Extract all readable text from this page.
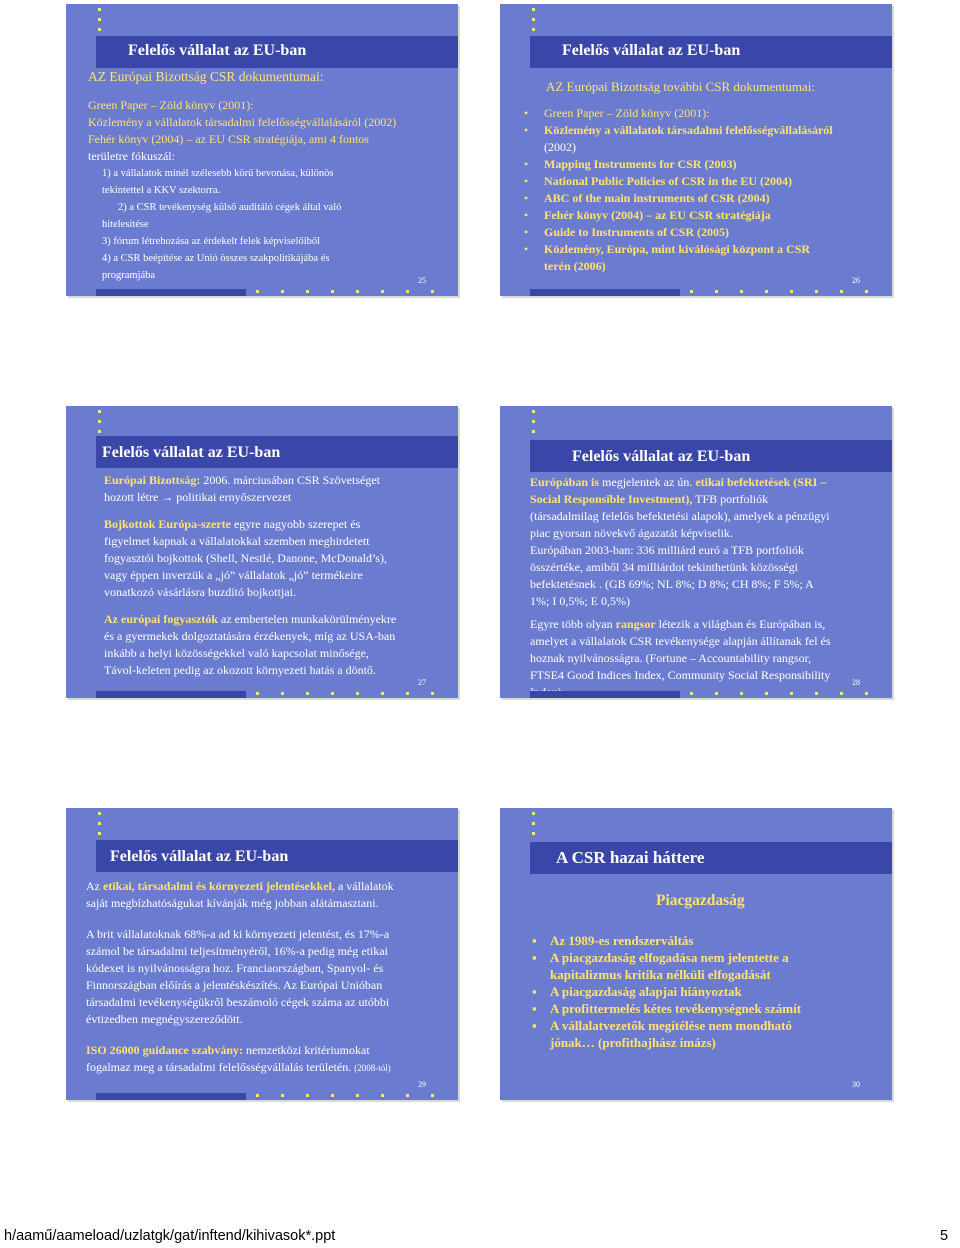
Felelős vállalat az EU-ban
AZ Európai Bizottság CSR dokumentumai:
Green Paper – Zöld könyv (2001):
Közlemény a vállalatok társadalmi felelősségvállalásáról (2002)
Fehér könyv (2004) – az EU CSR stratégiája, ami 4 fontos
területre fókuszál:
1) a vállalatok minél szélesebb körű bevonása, különös
tekintettel a KKV szektorra.
2) a CSR tevékenység külső auditáló cégek által való
hitelesítése
3) fórum létrehozása az érdekelt felek képviselőiből
4) a CSR beépítése az Unió összes szakpolitikájába és
programjába	25
Felelős vállalat az EU-ban
AZ Európai Bizottság további CSR dokumentumai:
• Green Paper – Zöld könyv (2001):
• Közlemény a vállalatok társadalmi felelősségvállalásáról
(2002)
• Mapping Instruments for CSR (2003)
• National Public Policies of CSR in the EU (2004)
• ABC of the main instruments of CSR (2004)
• Fehér könyv (2004) – az EU CSR stratégiája
• Guide to Instruments of CSR (2005)
• Közlemény, Európa, mint kiválósági központ a CSR
terén (2006)
26
Felelős vállalat az EU-ban
Európai Bizottság: 2006. márciusában CSR Szövetséget
hozott létre → politikai ernyőszervezet
Bojkottok Európa-szerte egyre nagyobb szerepet és
figyelmet kapnak a vállalatokkal szemben meghirdetett
fogyasztói bojkottok (Shell, Nestlé, Danone, McDonald’s),
vagy éppen inverzük a „jó” vállalatok „jó” termékeire
vonatkozó vásárlásra buzdító bojkottjai.
Az európai fogyasztók az embertelen munkakörülményekre
és a gyermekek dolgoztatására érzékenyek, míg az USA-ban
inkább a helyi közösségekkel való kapcsolat minősége,
Távol-keleten pedig az okozott környezeti hatás a döntő.
27
Felelős vállalat az EU-ban
Európában is megjelentek az ún. etikai befektetések (SRI –
Social Responsible Investment), TFB portfoliók
(társadalmilag felelős befektetési alapok), amelyek a pénzügyi
piac gyorsan növekvő ágazatát képviselik.
Európában 2003-ban: 336 milliárd euró a TFB portfoliók
összértéke, amiből 34 milliárdot tekinthetünk közösségi
befektetésnek . (GB 69%; NL 8%; D 8%; CH 8%; F 5%; A
1%; I 0,5%; E 0,5%)
Egyre több olyan rangsor létezik a világban és Európában is,
amelyet a vállalatok CSR tevékenysége alapján állítanak fel és
hoznak nyilvánosságra. (Fortune – Accountability rangsor,
FTSE4 Good Indices Index, Community Social Responsibility
28
Felelős vállalat az EU-ban
Az etikai, társadalmi és környezeti jelentésekkel, a vállalatok
saját megbízhatóságukat kívánják még jobban alátámasztani.
A brit vállalatoknak 68%-a ad ki környezeti jelentést, és 17%-a
számol be társadalmi teljesítményéről, 16%-a pedig még etikai
kódexet is nyilvánosságra hoz. Franciaországban, Spanyol- és
Finnországban előírás a jelentéskészítés. Az Európai Unióban
társadalmi tevékenységükről beszámoló cégek száma az utóbbi
évtizedben megnégyszereződött.
ISO 26000 guidance szabvány: nemzetközi kritériumokat
fogalmaz meg a társadalmi felelősségvállalás területén. (2008-tól)
29
A CSR hazai háttere
Piacgazdaság
▪ Az 1989-es rendszerváltás
▪ A piacgazdaság elfogadása nem jelentette a
kapitalizmus kritika nélküli elfogadását
▪ A piacgazdaság alapjai hiányoztak
▪ A profittermelés kétes tevékenységnek számít
▪ A vállalatvezetők megítélése nem mondható
jónak… (profithajhász imázs)
30
h/aamű/aameload/uzlatgk/gat/inftend/kihivasok*.ppt	5
